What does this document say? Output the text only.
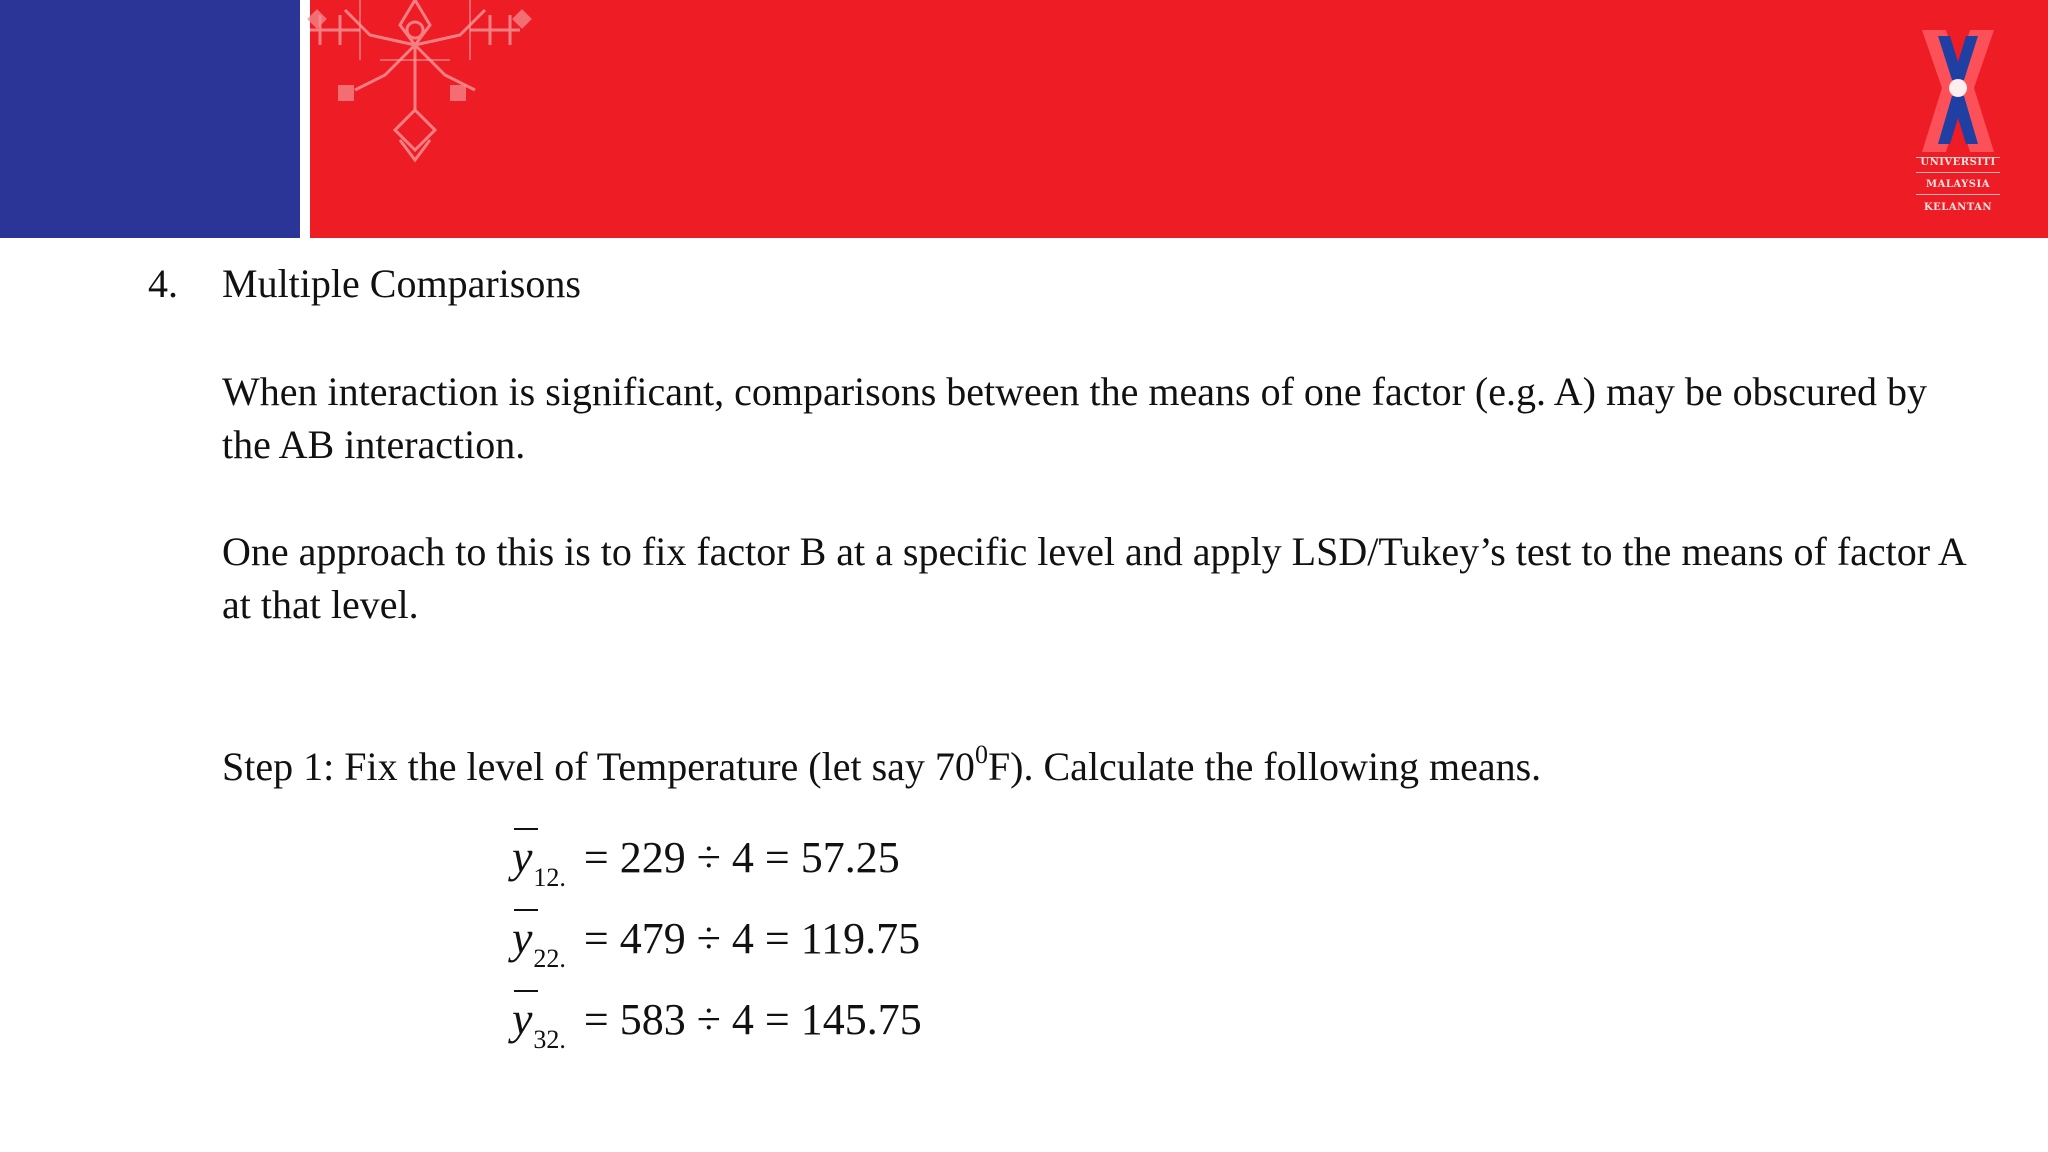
UNIVERSITI
MALAYSIA
KELANTAN
4. Multiple Comparisons
When interaction is significant, comparisons between the means of one factor (e.g. A) may be obscured by the AB interaction.
One approach to this is to fix factor B at a specific level and apply LSD/Tukey’s test to the means of factor A at that level.
Step 1: Fix the level of Temperature (let say $70^0F$). Calculate the following means.
$y_{12.} = 229 \div 4 = 57.25$
$y_{22.} = 479 \div 4 = 119.75$
$y_{32.} = 583 \div 4 = 145.75$
